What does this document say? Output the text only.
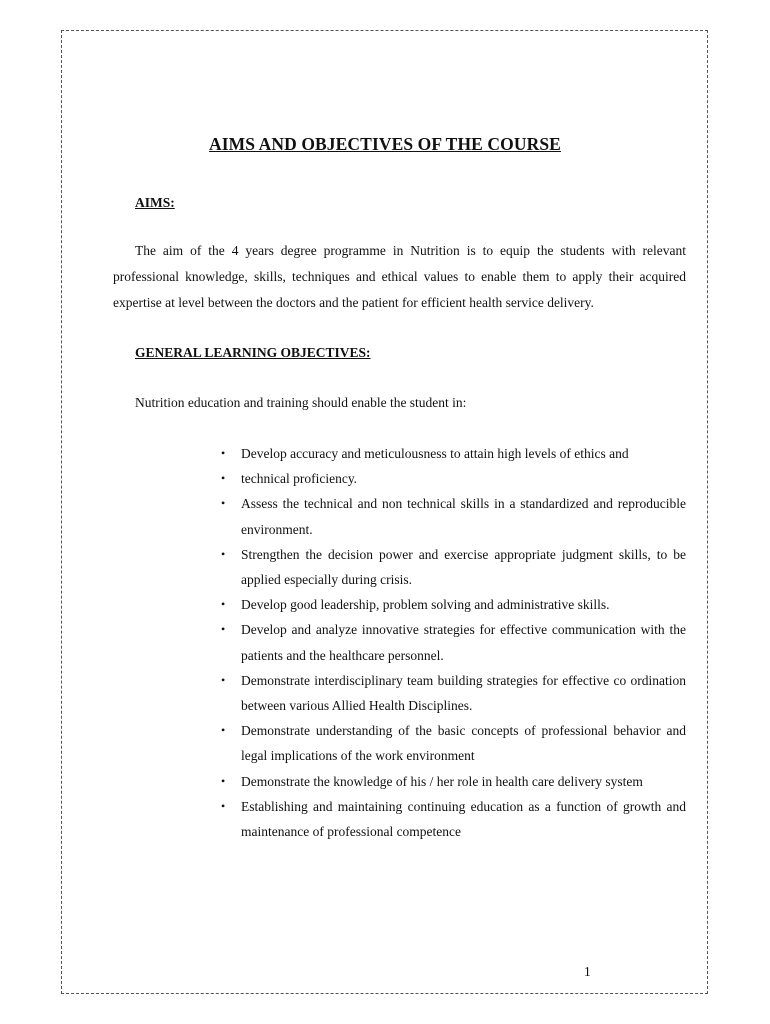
AIMS AND OBJECTIVES OF THE COURSE
AIMS:
The aim of the 4 years degree programme in Nutrition is to equip the students with relevant professional knowledge, skills, techniques and ethical values to enable them to apply their acquired expertise at level between the doctors and the patient for efficient health service delivery.
GENERAL LEARNING OBJECTIVES:
Nutrition education and training should enable the student in:
• Develop accuracy and meticulousness to attain high levels of ethics and
• technical proficiency.
• Assess the technical and non technical skills in a standardized and reproducible environment.
• Strengthen the decision power and exercise appropriate judgment skills, to be applied especially during crisis.
• Develop good leadership, problem solving and administrative skills.
• Develop and analyze innovative strategies for effective communication with the patients and the healthcare personnel.
• Demonstrate interdisciplinary team building strategies for effective co ordination between various Allied Health Disciplines.
• Demonstrate understanding of the basic concepts of professional behavior and legal implications of the work environment
• Demonstrate the knowledge of his / her role in health care delivery system
• Establishing and maintaining continuing education as a function of growth and maintenance of professional competence
1
